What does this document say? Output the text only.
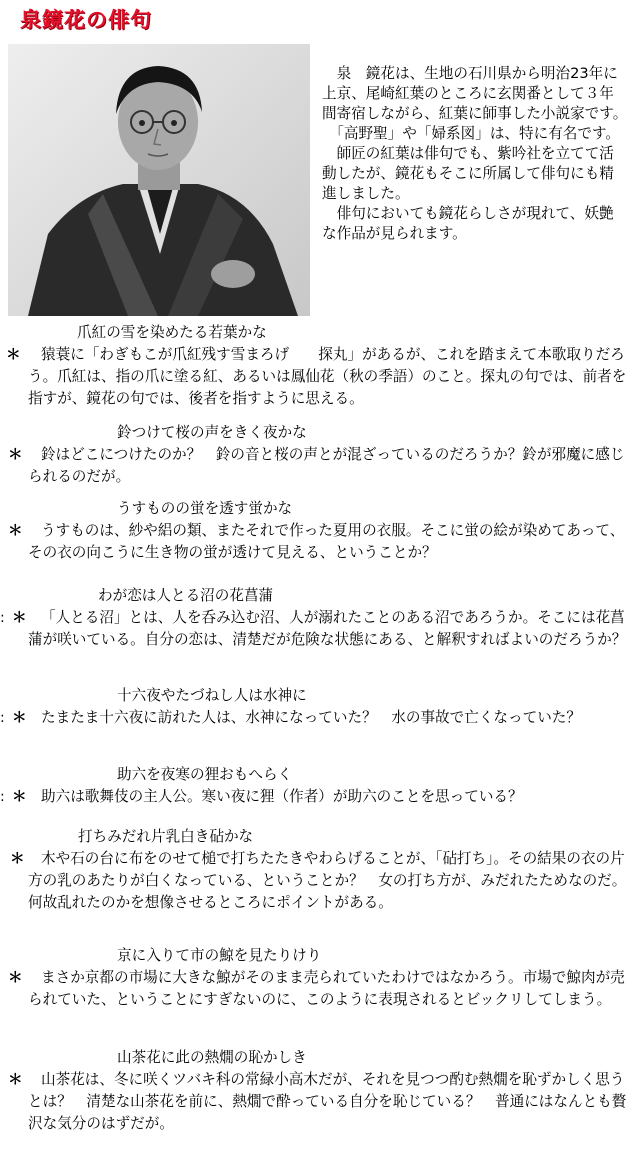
泉鏡花の俳句

　泉　鏡花は、生地の石川県から明治23年に上京、尾崎紅葉のところに玄関番として３年間寄宿しながら、紅葉に師事した小説家です。

　「高野聖」や「婦系図」は、特に有名です。

　師匠の紅葉は俳句でも、紫吟社を立てて活動したが、鏡花もそこに所属して俳句にも精進しました。

　俳句においても鏡花らしさが現れて、妖艶な作品が見られます。

爪紅の雪を染めたる若葉かな
＊	猿蓑に「わぎもこが爪紅残す雪まろげ　　探丸」があるが、これを踏まえて本歌取りだろう。爪紅は、指の爪に塗る紅、あるいは鳳仙花（秋の季語）のこと。探丸の句では、前者を指すが、鏡花の句では、後者を指すように思える。
鈴つけて桜の声をきく夜かな
＊	鈴はどこにつけたのか？　鈴の音と桜の声とが混ざっているのだろうか？鈴が邪魔に感じられるのだが。
うすものの蛍を透す蛍かな
＊	うすものは、紗や絽の類、またそれで作った夏用の衣服。そこに蛍の絵が染めてあって、その衣の向こうに生き物の蛍が透けて見える、ということか？
わが恋は人とる沼の花菖蒲
: ＊ 「人とる沼」とは、人を呑み込む沼、人が溺れたことのある沼であろうか。そこには花菖蒲が咲いている。自分の恋は、清楚だが危険な状態にある、と解釈すればよいのだろうか？
十六夜やたづねし人は水神に
: ＊ たまたま十六夜に訪れた人は、水神になっていた？　水の事故で亡くなっていた？
助六を夜寒の狸おもへらく
: ＊ 助六は歌舞伎の主人公。寒い夜に狸（作者）が助六のことを思っている？
打ちみだれ片乳白き砧かな
＊	木や石の台に布をのせて槌で打ちたたきやわらげることが、「砧打ち」。その結果の衣の片方の乳のあたりが白くなっている、ということか？　女の打ち方が、みだれたためなのだ。何故乱れたのかを想像させるところにポイントがある。
京に入りて市の鯨を見たりけり
＊	まさか京都の市場に大きな鯨がそのまま売られていたわけではなかろう。市場で鯨肉が売られていた、ということにすぎないのに、このように表現されるとビックリしてしまう。
山茶花に此の熱燗の恥かしき
＊	山茶花は、冬に咲くツバキ科の常緑小高木だが、それを見つつ酌む熱燗を恥ずかしく思うとは？　清楚な山茶花を前に、熱燗で酔っている自分を恥じている？　普通にはなんとも贅沢な気分のはずだが。
